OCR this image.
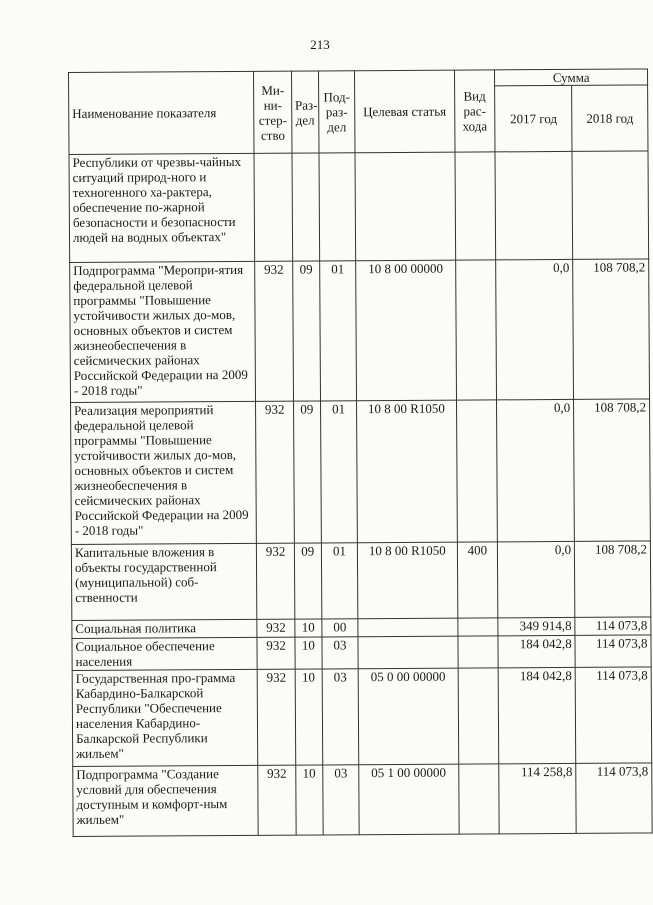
213
Наименование показателя	Ми-ни-стер-ство	Раз-дел	Под-раз-дел	Целевая статья	Вид рас-хода	Сумма	
						2017 год	2018 год
Республики от чрезвы-чайных ситуаций природ-ного и техногенного ха-рактера, обеспечение по-жарной безопасности и безопасности людей на водных объектах"							
Подпрограмма "Меропри-ятия федеральной целевой программы "Повышение устойчивости жилых до-мов, основных объектов и систем жизнеобеспечения в сейсмических районах Российской Федерации на 2009 - 2018 годы"	932	09	01	10 8 00 00000		0,0	108 708,2
Реализация мероприятий федеральной целевой программы "Повышение устойчивости жилых до-мов, основных объектов и систем жизнеобеспечения в сейсмических районах Российской Федерации на 2009 - 2018 годы"	932	09	01	10 8 00 R1050		0,0	108 708,2
Капитальные вложения в объекты государственной (муниципальной) соб-ственности	932	09	01	10 8 00 R1050	400	0,0	108 708,2
Социальная политика	932	10	00			349 914,8	114 073,8
Социальное обеспечение населения	932	10	03			184 042,8	114 073,8
Государственная про-грамма Кабардино-Балкарской Республики "Обеспечение населения Кабардино-Балкарской Республики жильем"	932	10	03	05 0 00 00000		184 042,8	114 073,8
Подпрограмма "Создание условий для обеспечения доступным и комфорт-ным жильем"	932	10	03	05 1 00 00000		114 258,8	114 073,8
